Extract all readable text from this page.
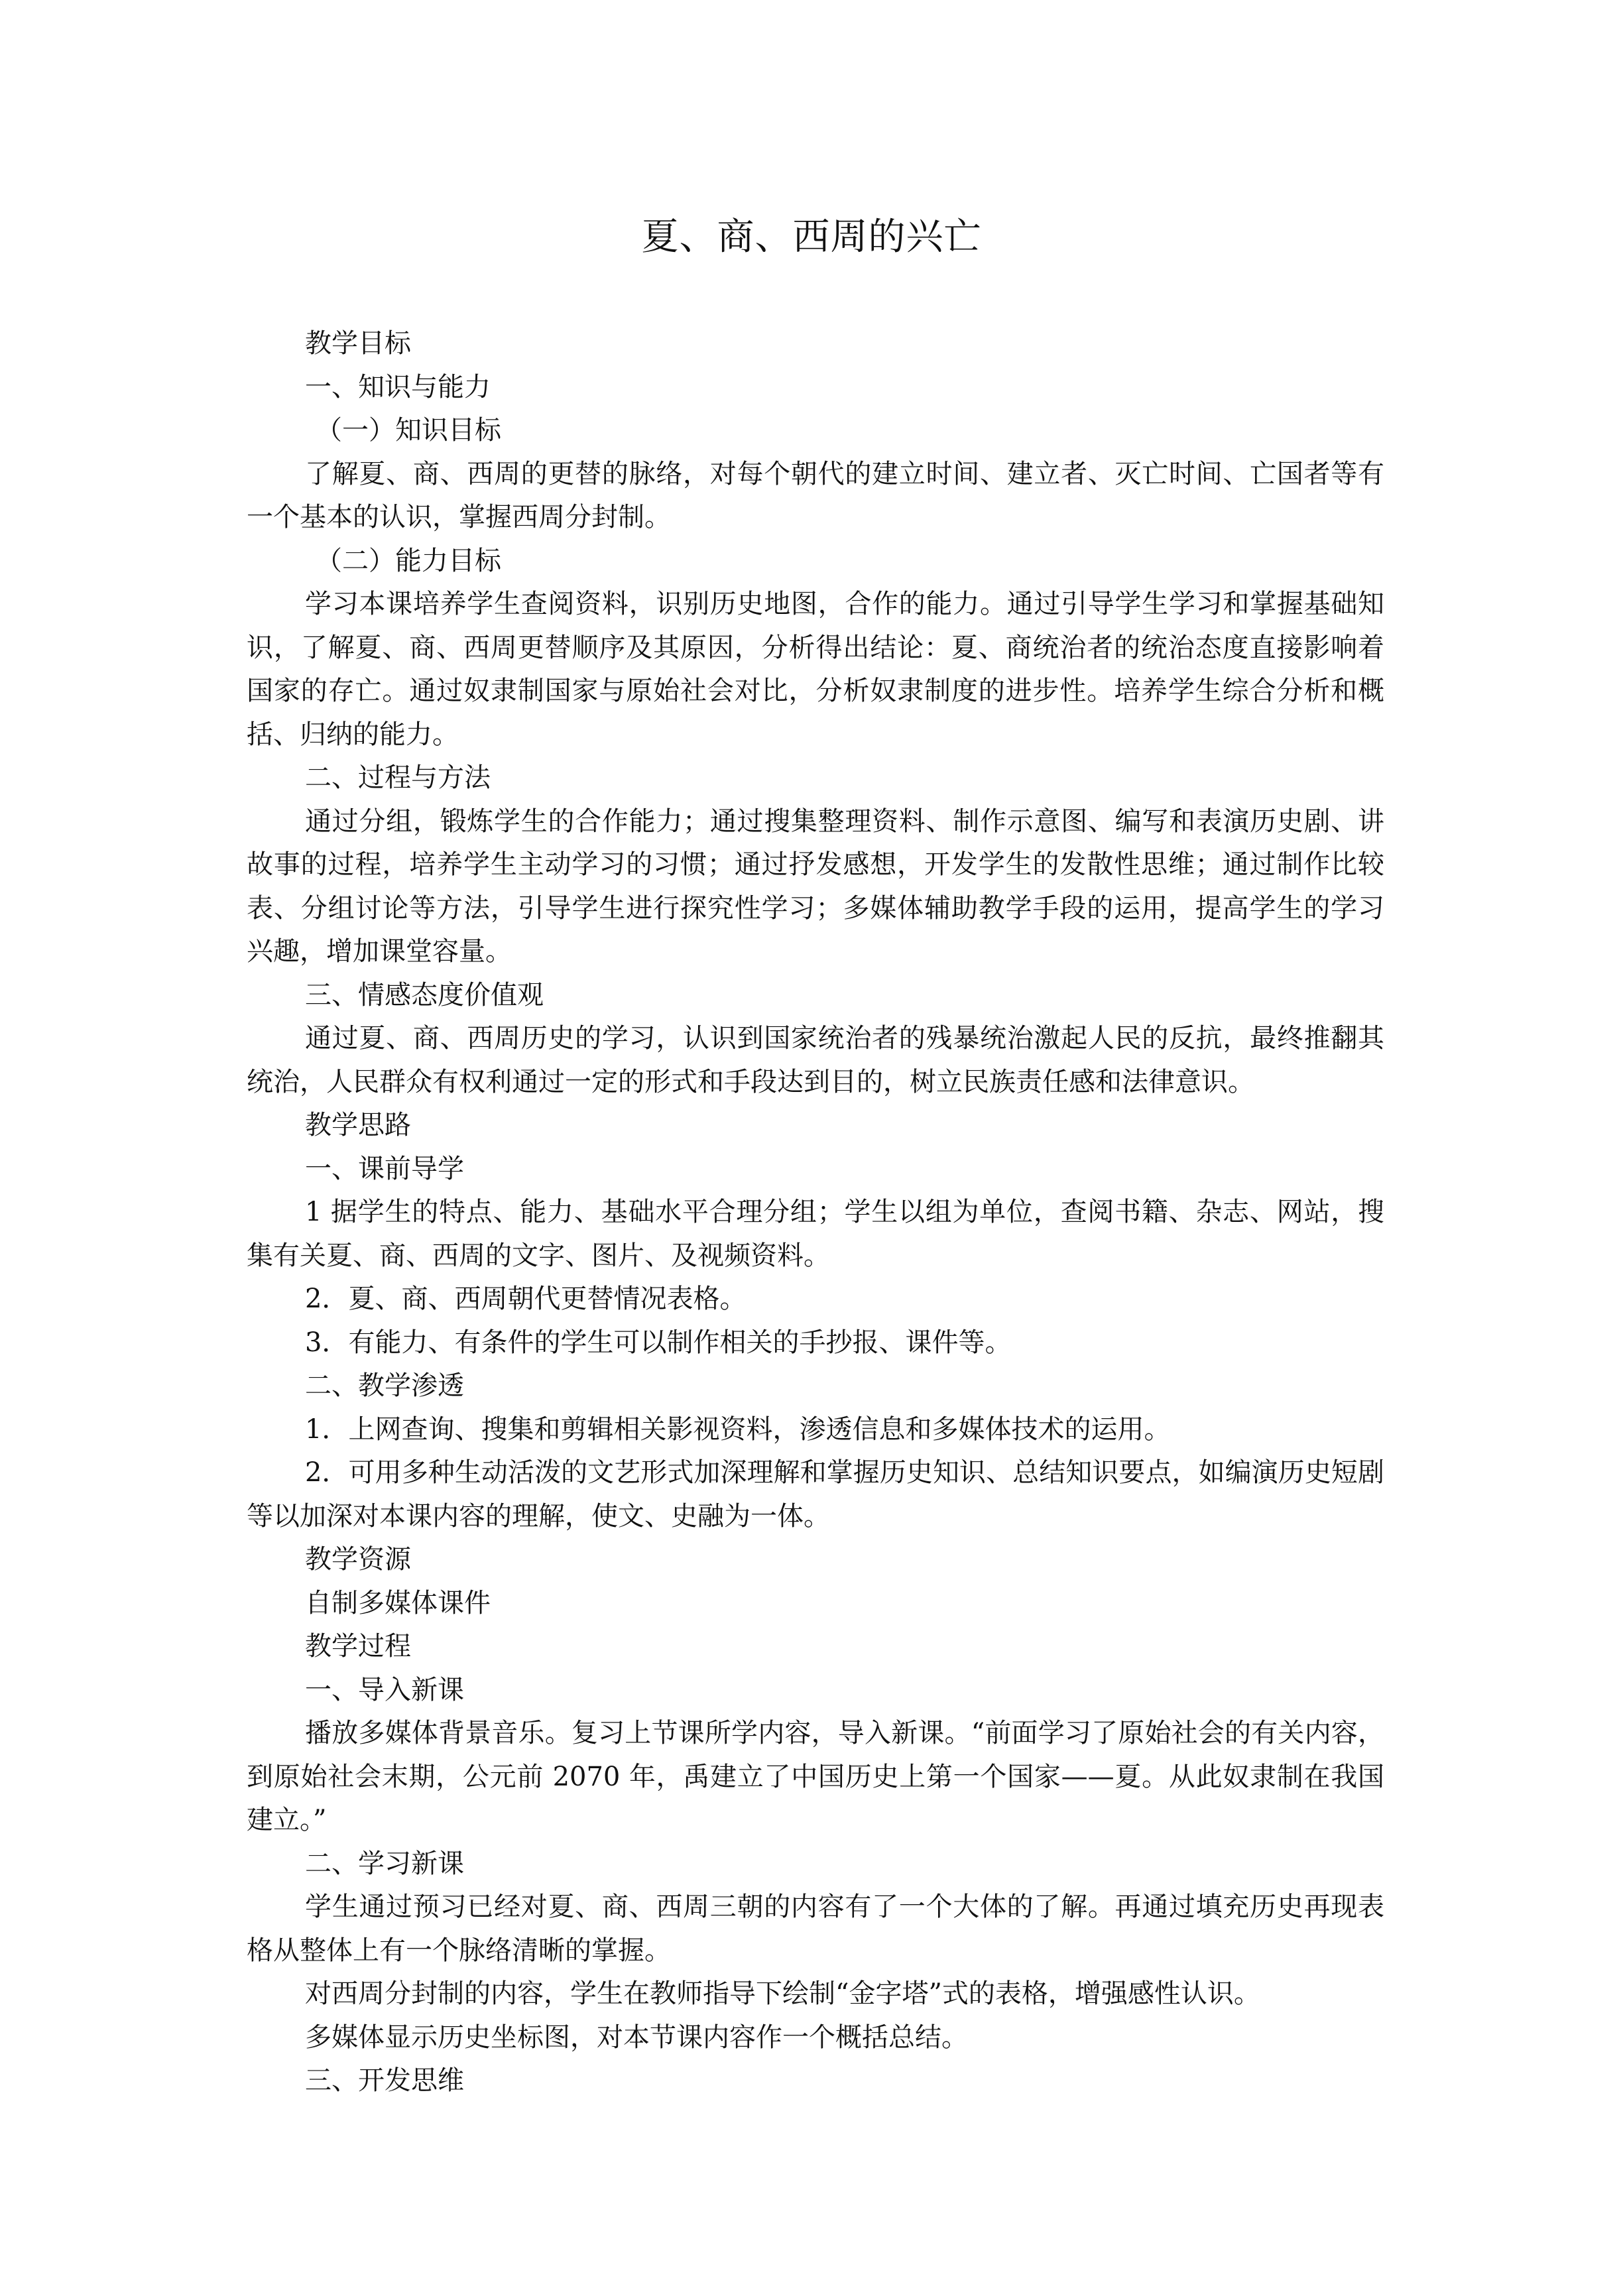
夏、商、西周的兴亡

教学目标

一、知识与能力

（一）知识目标

了解夏、商、西周的更替的脉络，对每个朝代的建立时间、建立者、灭亡时间、亡国者等有一个基本的认识，掌握西周分封制。

（二）能力目标

学习本课培养学生查阅资料，识别历史地图，合作的能力。通过引导学生学习和掌握基础知识，了解夏、商、西周更替顺序及其原因，分析得出结论：夏、商统治者的统治态度直接影响着国家的存亡。通过奴隶制国家与原始社会对比，分析奴隶制度的进步性。培养学生综合分析和概括、归纳的能力。

二、过程与方法

通过分组，锻炼学生的合作能力；通过搜集整理资料、制作示意图、编写和表演历史剧、讲故事的过程，培养学生主动学习的习惯；通过抒发感想，开发学生的发散性思维；通过制作比较表、分组讨论等方法，引导学生进行探究性学习；多媒体辅助教学手段的运用，提高学生的学习兴趣，增加课堂容量。

三、情感态度价值观

通过夏、商、西周历史的学习，认识到国家统治者的残暴统治激起人民的反抗，最终推翻其统治，人民群众有权利通过一定的形式和手段达到目的，树立民族责任感和法律意识。

教学思路

一、课前导学

1 据学生的特点、能力、基础水平合理分组；学生以组为单位，查阅书籍、杂志、网站，搜集有关夏、商、西周的文字、图片、及视频资料。

2．夏、商、西周朝代更替情况表格。

3．有能力、有条件的学生可以制作相关的手抄报、课件等。

二、教学渗透

1．上网查询、搜集和剪辑相关影视资料，渗透信息和多媒体技术的运用。

2．可用多种生动活泼的文艺形式加深理解和掌握历史知识、总结知识要点，如编演历史短剧等以加深对本课内容的理解，使文、史融为一体。

教学资源

自制多媒体课件

教学过程

一、导入新课

播放多媒体背景音乐。复习上节课所学内容，导入新课。“前面学习了原始社会的有关内容，到原始社会末期，公元前 2070 年，禹建立了中国历史上第一个国家——夏。从此奴隶制在我国建立。”

二、学习新课

学生通过预习已经对夏、商、西周三朝的内容有了一个大体的了解。再通过填充历史再现表格从整体上有一个脉络清晰的掌握。

对西周分封制的内容，学生在教师指导下绘制“金字塔”式的表格，增强感性认识。

多媒体显示历史坐标图，对本节课内容作一个概括总结。

三、开发思维
